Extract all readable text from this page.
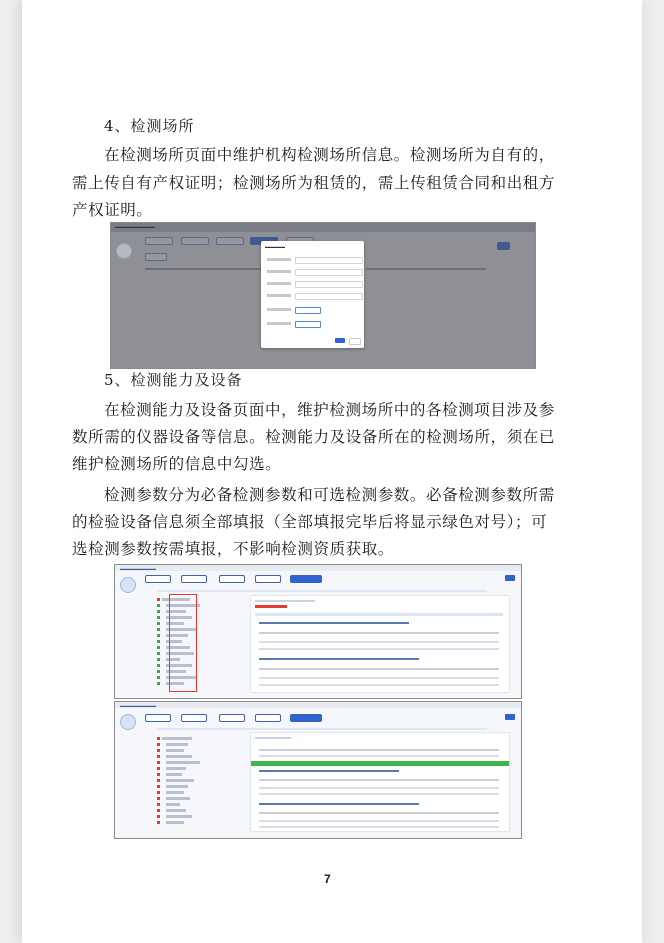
4、检测场所
在检测场所页面中维护机构检测场所信息。检测场所为自有的，
需上传自有产权证明；检测场所为租赁的，需上传租赁合同和出租方
产权证明。
▬▬▬▬▬▬▬▬▬▬
▬▬▬▬▬
5、检测能力及设备
在检测能力及设备页面中，维护检测场所中的各检测项目涉及参
数所需的仪器设备等信息。检测能力及设备所在的检测场所，须在已
维护检测场所的信息中勾选。
检测参数分为必备检测参数和可选检测参数。必备检测参数所需
的检验设备信息须全部填报（全部填报完毕后将显示绿色对号）；可
选检测参数按需填报，不影响检测资质获取。
▬▬▬▬▬▬▬▬▬
▬▬▬▬▬▬▬▬▬
7
